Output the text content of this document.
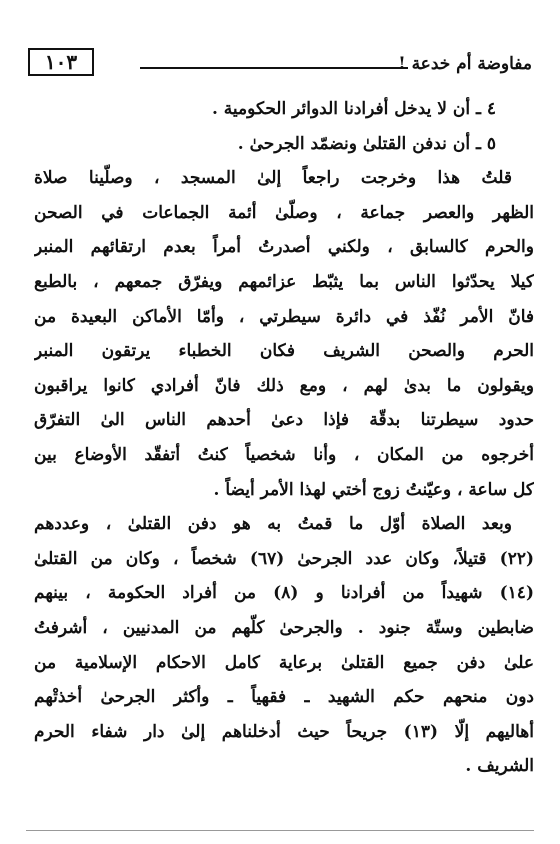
١٠٣	مفاوضة أم خدعة !
٤ ـ أن لا يدخل أفرادنا الدوائر الحكومية .
٥ ـ أن ندفن القتلىٰ ونضمّد الجرحىٰ .
قلتُ هذا وخرجت راجعاً إلىٰ المسجد ، وصلّينا صلاة
الظهر والعصر جماعة ، وصلّىٰ أئمة الجماعات في الصحن
والحرم كالسابق ، ولكني أصدرتُ أمراً بعدم ارتقائهم المنبر
كيلا يحدّثوا الناس بما يثبّط عزائمهم ويفرّق جمعهم ، بالطبع
فانّ الأمر نُفّذ في دائرة سيطرتي ، وأمّا الأماكن البعيدة من
الحرم والصحن الشريف فكان الخطباء يرتقون المنبر
ويقولون ما بدىٰ لهم ، ومع ذلك فانّ أفرادي كانوا يراقبون
حدود سيطرتنا بدقّة فإذا دعىٰ أحدهم الناس الىٰ التفرّق
أخرجوه من المكان ، وأنا شخصياً كنتُ أتفقّد الأوضاع بين
كل ساعة ، وعيّنتُ زوج أختي لهذا الأمر أيضاً .
وبعد الصلاة أوّل ما قمتُ به هو دفن القتلىٰ ، وعددهم
(٢٢) قتيلاً، وكان عدد الجرحىٰ (٦٧) شخصاً ، وكان من القتلىٰ
(١٤) شهيداً من أفرادنا و (٨) من أفراد الحكومة ، بينهم
ضابطين وستّة جنود . والجرحىٰ كلّهم من المدنيين ، أشرفتُ
علىٰ دفن جميع القتلىٰ برعاية كامل الاحكام الإسلامية من
دون منحهم حكم الشهيد ـ فقهياً ـ وأكثر الجرحىٰ أخذتْهم
أهاليهم إلّا (١٣) جريحاً حيث أدخلناهم إلىٰ دار شفاء الحرم
الشريف .
